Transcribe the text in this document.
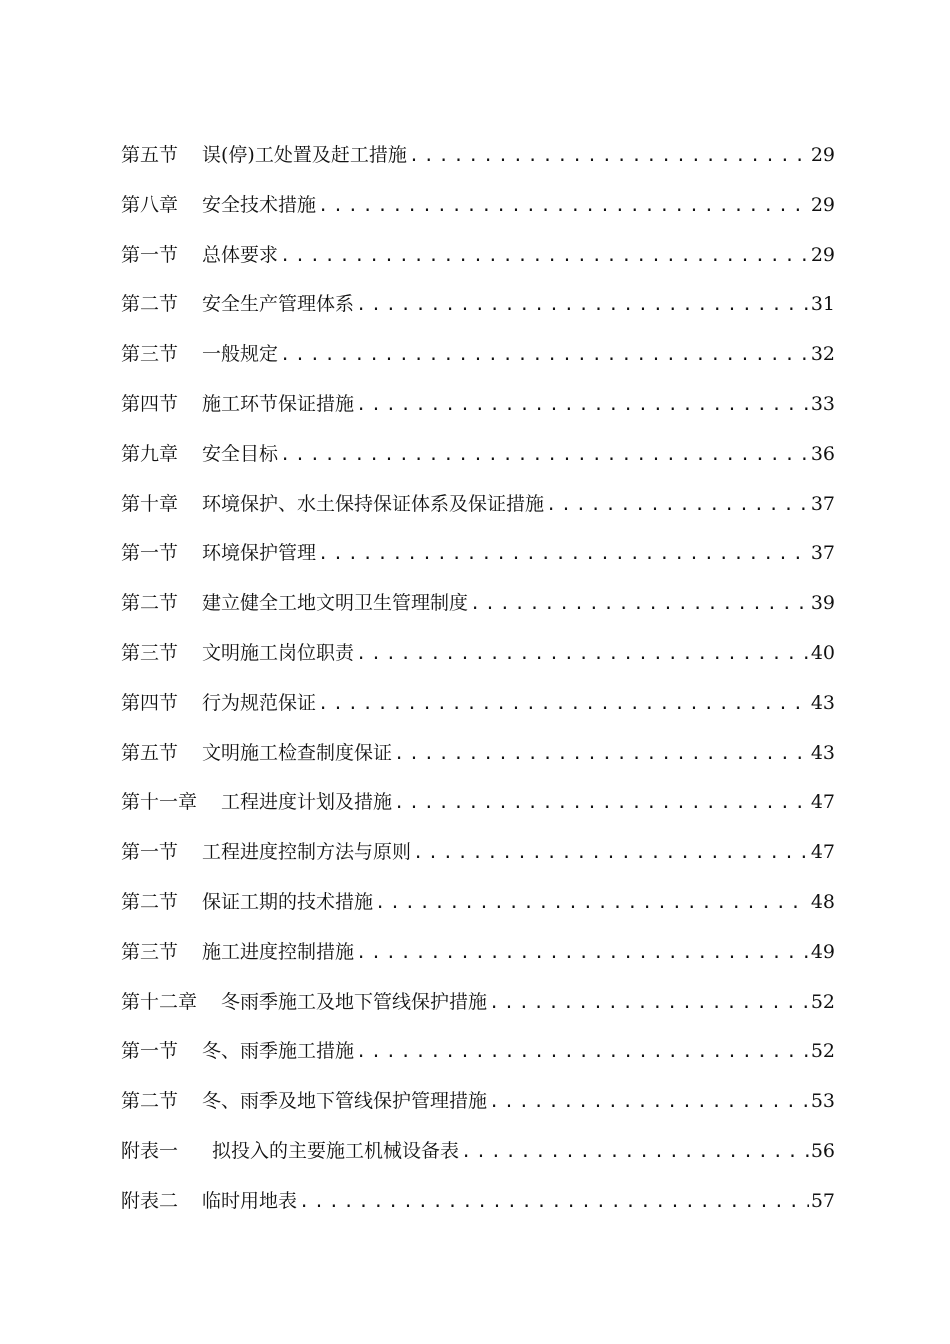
第五节 误(停)工处置及赶工措施 .....	29
第八章 安全技术措施 .....	29
第一节 总体要求 .....	29
第二节 安全生产管理体系 .....	31
第三节 一般规定 .....	32
第四节 施工环节保证措施 .....	33
第九章 安全目标 .....	36
第十章 环境保护、水土保持保证体系及保证措施 .....	37
第一节 环境保护管理 .....	37
第二节 建立健全工地文明卫生管理制度 .....	39
第三节 文明施工岗位职责 .....	40
第四节 行为规范保证 .....	43
第五节 文明施工检查制度保证 .....	43
第十一章 工程进度计划及措施 .....	47
第一节 工程进度控制方法与原则 .....	47
第二节 保证工期的技术措施 .....	48
第三节 施工进度控制措施 .....	49
第十二章 冬雨季施工及地下管线保护措施 .....	52
第一节 冬、雨季施工措施 .....	52
第二节 冬、雨季及地下管线保护管理措施 .....	53
附表一 拟投入的主要施工机械设备表 .....	56
附表二 临时用地表 .....	57
